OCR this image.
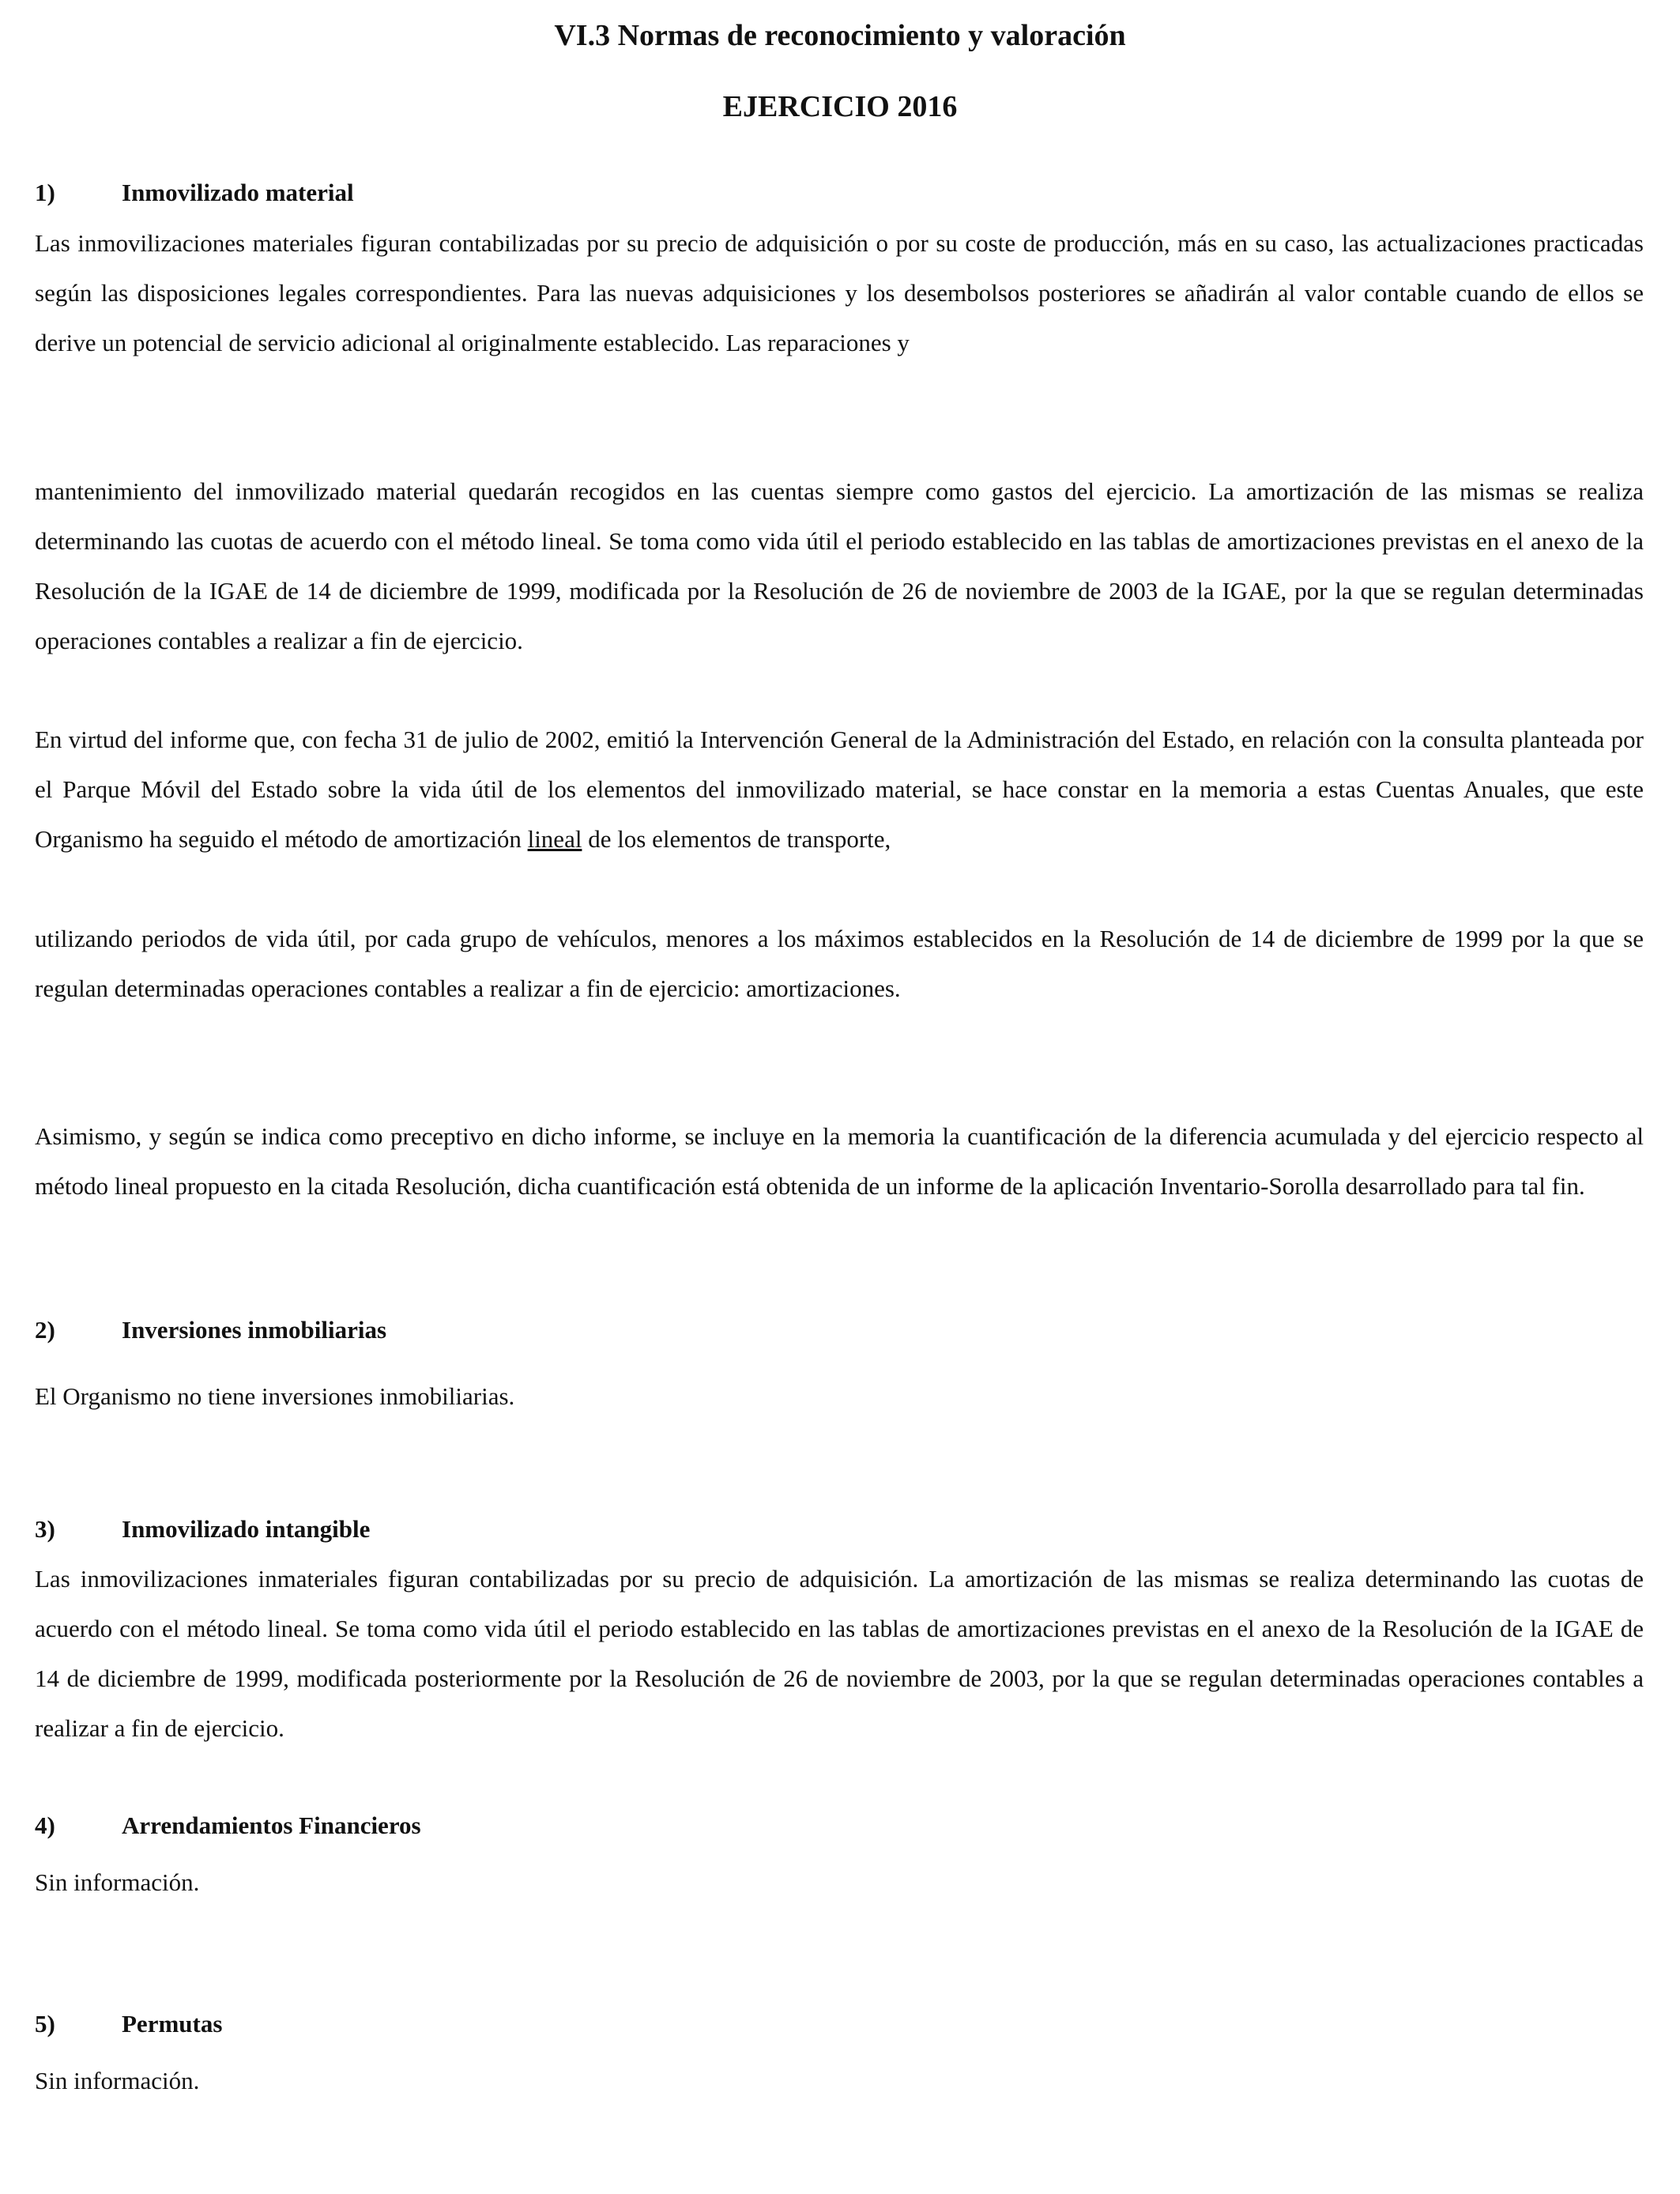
VI.3 Normas de reconocimiento y valoración
EJERCICIO 2016
1)	Inmovilizado material

Las inmovilizaciones materiales figuran contabilizadas por su precio de adquisición o por su coste de producción, más en su caso, las actualizaciones practicadas según las disposiciones legales correspondientes. Para las nuevas adquisiciones y los desembolsos posteriores se añadirán al valor contable cuando de ellos se derive un potencial de servicio adicional al originalmente establecido. Las reparaciones y

mantenimiento del inmovilizado material quedarán recogidos en las cuentas siempre como gastos del ejercicio. La amortización de las mismas se realiza determinando las cuotas de acuerdo con el método lineal. Se toma como vida útil el periodo establecido en las tablas de amortizaciones previstas en el anexo de la Resolución de la IGAE de 14 de diciembre de 1999, modificada por la Resolución de 26 de noviembre de 2003 de la IGAE, por la que se regulan determinadas operaciones contables a realizar a fin de ejercicio.

En virtud del informe que, con fecha 31 de julio de 2002, emitió la Intervención General de la Administración del Estado, en relación con la consulta planteada por el Parque Móvil del Estado sobre la vida útil de los elementos del inmovilizado material, se hace constar en la memoria a estas Cuentas Anuales, que este Organismo ha seguido el método de amortización lineal de los elementos de transporte,

utilizando periodos de vida útil, por cada grupo de vehículos, menores a los máximos establecidos en la Resolución de 14 de diciembre de 1999 por la que se regulan determinadas operaciones contables a realizar a fin de ejercicio: amortizaciones.

Asimismo, y según se indica como preceptivo en dicho informe, se incluye en la memoria la cuantificación de la diferencia acumulada y del ejercicio respecto al método lineal propuesto en la citada Resolución, dicha cuantificación está obtenida de un informe de la aplicación Inventario-Sorolla desarrollado para tal fin.

2)	Inversiones inmobiliarias

El Organismo no tiene inversiones inmobiliarias.

3)	Inmovilizado intangible

Las inmovilizaciones inmateriales figuran contabilizadas por su precio de adquisición. La amortización de las mismas se realiza determinando las cuotas de acuerdo con el método lineal. Se toma como vida útil el periodo establecido en las tablas de amortizaciones previstas en el anexo de la Resolución de la IGAE de 14 de diciembre de 1999, modificada posteriormente por la Resolución de 26 de noviembre de 2003, por la que se regulan determinadas operaciones contables a realizar a fin de ejercicio.

4)	Arrendamientos Financieros

Sin información.

5)	Permutas

Sin información.
